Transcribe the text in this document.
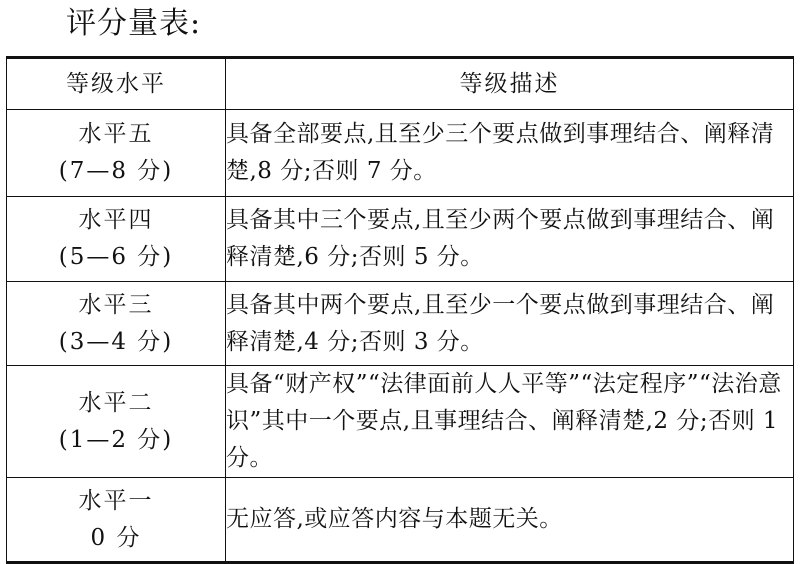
评分量表:
等级水平	等级描述

水平五
(7—8 分)	具备全部要点,且至少三个要点做到事理结合、阐释清楚,8 分;否则 7 分。

水平四
(5—6 分)	具备其中三个要点,且至少两个要点做到事理结合、阐释清楚,6 分;否则 5 分。

水平三
(3—4 分)	具备其中两个要点,且至少一个要点做到事理结合、阐释清楚,4 分;否则 3 分。

水平二
(1—2 分)	具备“财产权”“法律面前人人平等”“法定程序”“法治意识”其中一个要点,且事理结合、阐释清楚,2 分;否则 1 分。

水平一
0 分	无应答,或应答内容与本题无关。
